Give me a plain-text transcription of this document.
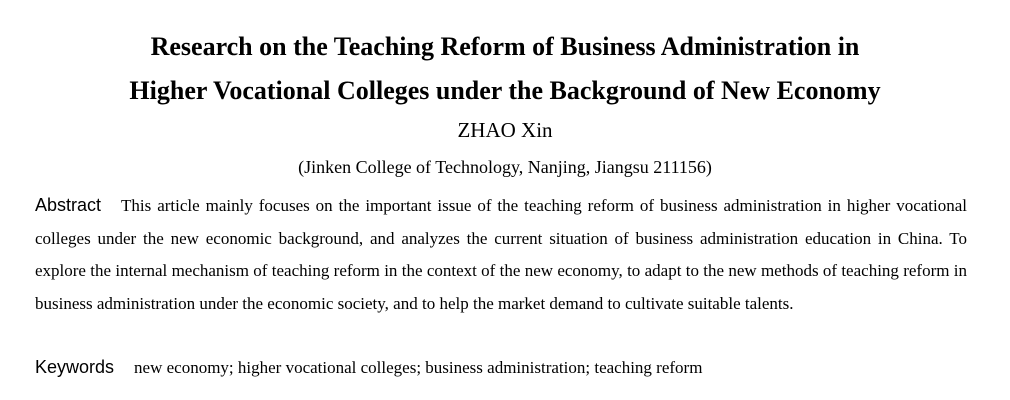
Research on the Teaching Reform of Business Administration in
Higher Vocational Colleges under the Background of New Economy
ZHAO Xin
(Jinken College of Technology, Nanjing, Jiangsu 211156)
Abstract This article mainly focuses on the important issue of the teaching reform of business administration in higher vocational colleges under the new economic background, and analyzes the current situation of business administration education in China. To explore the internal mechanism of teaching reform in the context of the new economy, to adapt to the new methods of teaching reform in business administration under the economic society, and to help the market demand to cultivate suitable talents.
Keywords new economy; higher vocational colleges; business administration; teaching reform
